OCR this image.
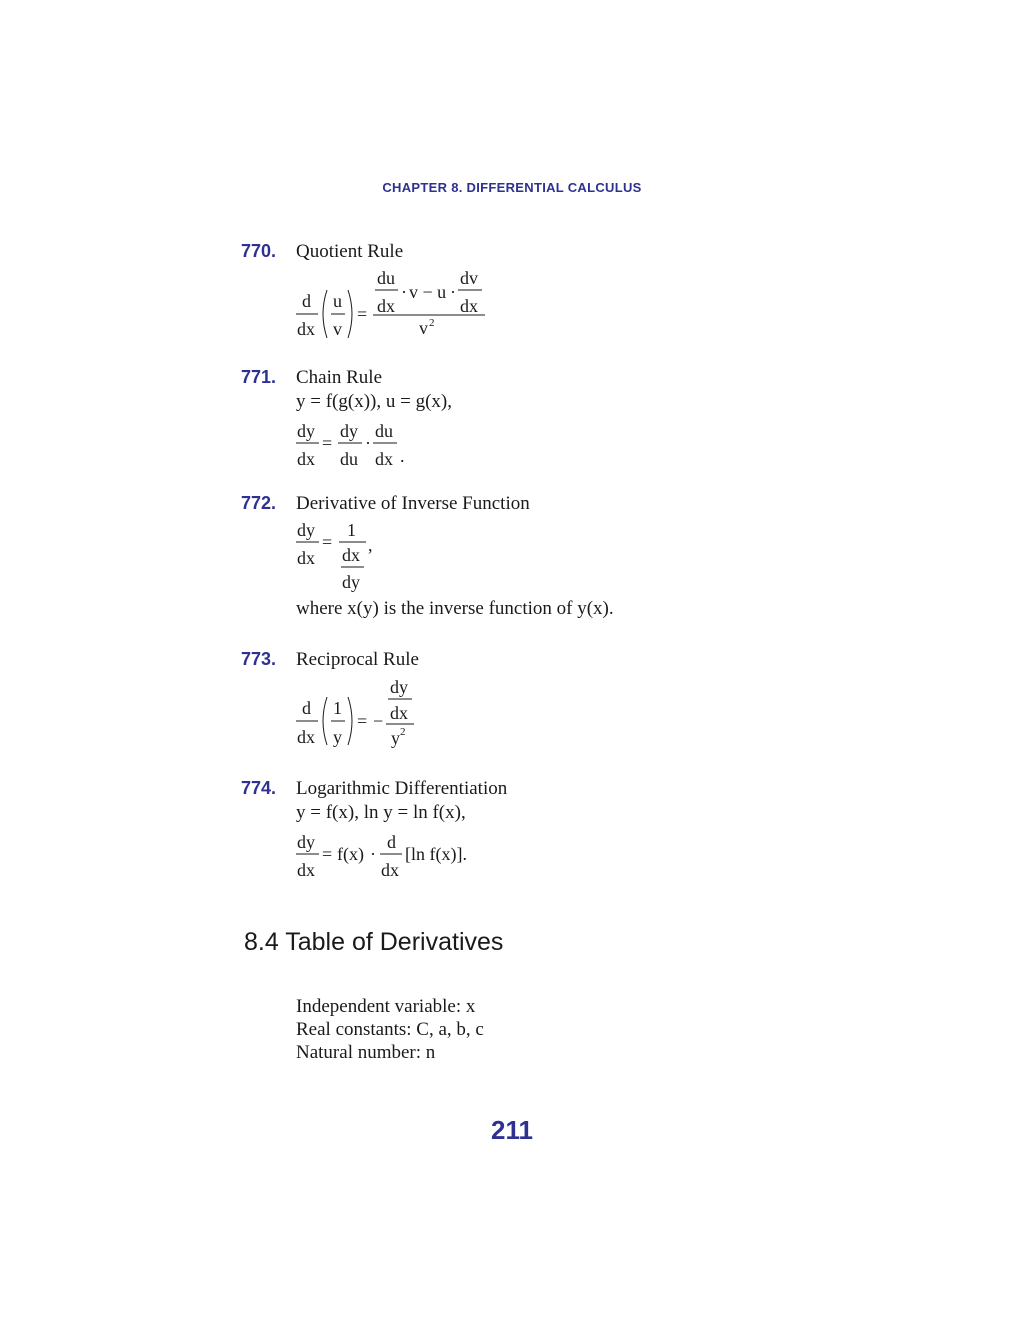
d
dx
u
v
=
du
dx
· v − u ·
dv
dx
v 2
dy
dx
=
dy
du
·
du
dx .
dy
dx
=
1
dx
dy
,
d
dx
1
y
= −
dy
dx
y 2
dy
dx
= f(x) ·
d
dx
[ln f(x)].
CHAPTER 8. DIFFERENTIAL CALCULUS
770. Quotient Rule
771. Chain Rule
y = f(g(x)), u = g(x),
772. Derivative of Inverse Function
where x(y) is the inverse function of y(x).
773. Reciprocal Rule
774. Logarithmic Differentiation
y = f(x), ln y = ln f(x),
8.4 Table of Derivatives
Independent variable: x
Real constants: C, a, b, c
Natural number: n
211
